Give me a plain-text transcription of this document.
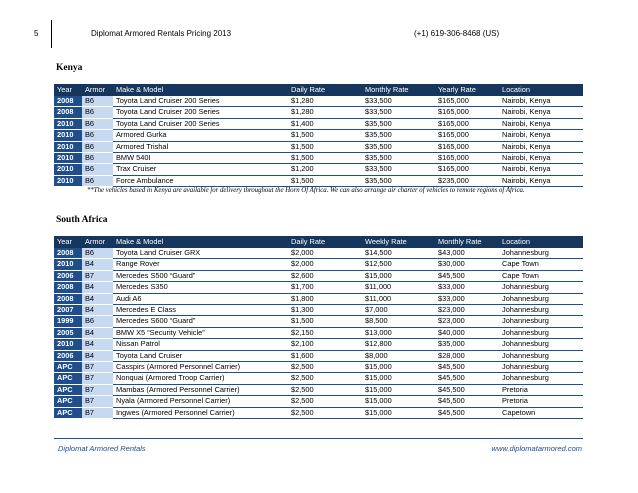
5	Diplomat Armored Rentals Pricing 2013	(+1) 619-306-8468 (US)
Kenya
Year	Armor	Make & Model	Daily Rate	Monthly Rate	Yearly Rate	Location
2008	B6	Toyota Land Cruiser 200 Series	$1,280	$33,500	$165,000	Nairobi, Kenya
2008	B6	Toyota Land Cruiser 200 Series	$1,280	$33,500	$165,000	Nairobi, Kenya
2010	B6	Toyota Land Cruiser 200 Series	$1,400	$35,500	$165,000	Nairobi, Kenya
2010	B6	Armored Gurka	$1,500	$35,500	$165,000	Nairobi, Kenya
2010	B6	Armored Trishal	$1,500	$35,500	$165,000	Nairobi, Kenya
2010	B6	BMW 540I	$1,500	$35,500	$165,000	Nairobi, Kenya
2010	B6	Trax Cruiser	$1,200	$33,500	$165,000	Nairobi, Kenya
2010	B6	Force Ambulance	$1,500	$35,500	$235,000	Nairobi, Kenya
**The vehicles based in Kenya are available for delivery throughout the Horn Of Africa. We can also arrange air charter of vehicles to remote regions of Africa.
South Africa
Year	Armor	Make & Model	Daily Rate	Weekly Rate	Monthly Rate	Location
2008	B6	Toyota Land Cruiser GRX	$2,000	$14,500	$43,000	Johannesburg
2010	B4	Range Rover	$2,000	$12,500	$30,000	Cape Town
2006	B7	Mercedes S500 “Guard”	$2,600	$15,000	$45,500	Cape Town
2008	B4	Mercedes S350	$1,700	$11,000	$33,000	Johannesburg
2008	B4	Audi A6	$1,800	$11,000	$33,000	Johannesburg
2007	B4	Mercedes E Class	$1,300	$7,000	$23,000	Johannesburg
1999	B6	Mercedes S600 “Guard”	$1,500	$8,500	$23,000	Johannesburg
2005	B4	BMW X5 “Security Vehicle”	$2,150	$13,000	$40,000	Johannesburg
2010	B4	Nissan Patrol	$2,100	$12,800	$35,000	Johannesburg
2006	B4	Toyota Land Cruiser	$1,600	$8,000	$28,000	Johannesburg
APC	B7	Casspirs (Armored Personnel Carrier)	$2,500	$15,000	$45,500	Johannesburg
APC	B7	Nonquai (Armored Troop Carrier)	$2,500	$15,000	$45,500	Johannesburg
APC	B7	Mambas (Armored Personnel Carrier)	$2,500	$15,000	$45,500	Pretoria
APC	B7	Nyala (Armored Personnel Carrier)	$2,500	$15,000	$45,500	Pretoria
APC	B7	Ingwes (Armored Personnel Carrier)	$2,500	$15,000	$45,500	Capetown
Diplomat Armored Rentals	www.diplomatarmored.com
